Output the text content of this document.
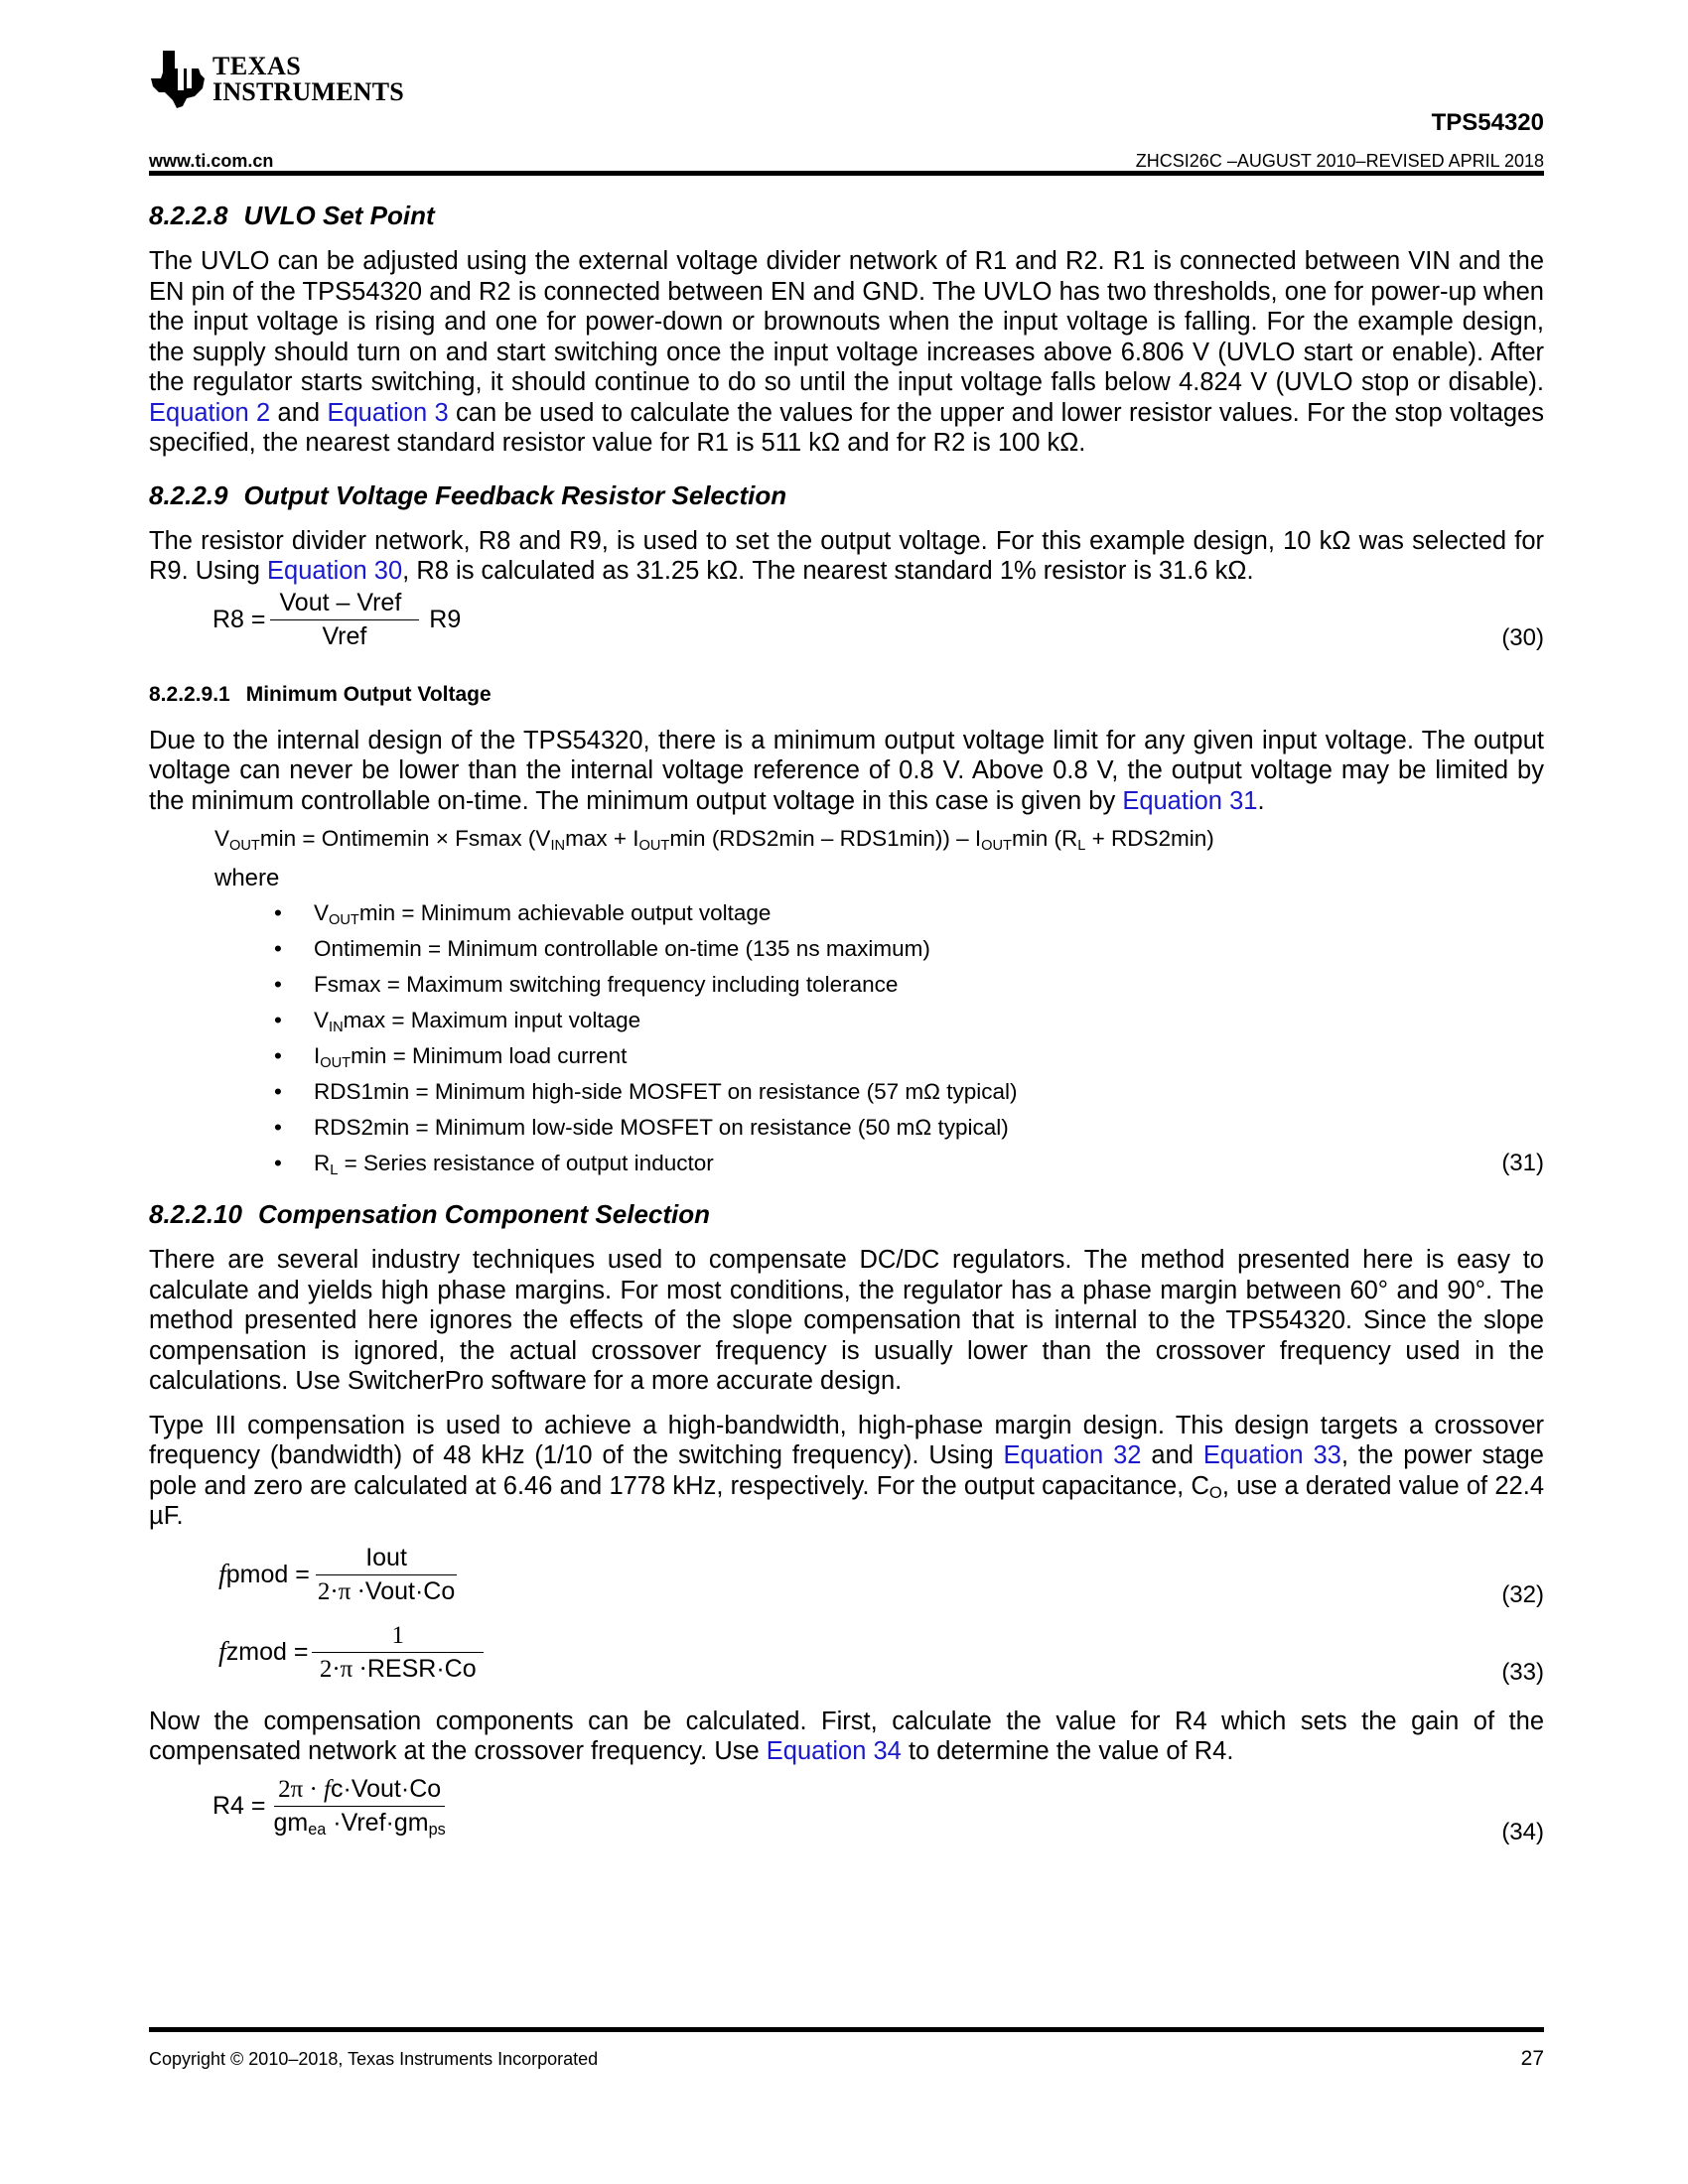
TEXAS
INSTRUMENTS
TPS54320
www.ti.com.cn	ZHCSI26C –AUGUST 2010–REVISED APRIL 2018
8.2.2.8 UVLO Set Point

The UVLO can be adjusted using the external voltage divider network of R1 and R2. R1 is connected between VIN and the EN pin of the TPS54320 and R2 is connected between EN and GND. The UVLO has two thresholds, one for power-up when the input voltage is rising and one for power-down or brownouts when the input voltage is falling. For the example design, the supply should turn on and start switching once the input voltage increases above 6.806 V (UVLO start or enable). After the regulator starts switching, it should continue to do so until the input voltage falls below 4.824 V (UVLO stop or disable). Equation 2 and Equation 3 can be used to calculate the values for the upper and lower resistor values. For the stop voltages specified, the nearest standard resistor value for R1 is 511 kΩ and for R2 is 100 kΩ.

8.2.2.9 Output Voltage Feedback Resistor Selection

The resistor divider network, R8 and R9, is used to set the output voltage. For this example design, 10 kΩ was selected for R9. Using Equation 30, R8 is calculated as 31.25 kΩ. The nearest standard 1% resistor is 31.6 kΩ.

$R8 = \frac{\text{Vout – Vref}}{\text{Vref}} R9$
(30)
8.2.2.9.1 Minimum Output Voltage

Due to the internal design of the TPS54320, there is a minimum output voltage limit for any given input voltage. The output voltage can never be lower than the internal voltage reference of 0.8 V. Above 0.8 V, the output voltage may be limited by the minimum controllable on-time. The minimum output voltage in this case is given by Equation 31.

$V_{OUT}\min$ = Ontimemin × Fsmax ($V_{IN}\max + I_{OUT}\min$ $(RDS2\min - RDS1\min)) - I_{OUT}\min$ $(R_L + RDS2\min)$
where
• $V_{OUT}\min$ = Minimum achievable output voltage
• Ontimemin = Minimum controllable on-time (135 ns maximum)
• Fsmax = Maximum switching frequency including tolerance
• $V_{IN}\max$ = Maximum input voltage
• $I_{OUT}\min$ = Minimum load current
• RDS1min = Minimum high-side MOSFET on resistance (57 mΩ typical)
• RDS2min = Minimum low-side MOSFET on resistance (50 mΩ typical)
• $R_L$ = Series resistance of output inductor	(31)
8.2.2.10 Compensation Component Selection

There are several industry techniques used to compensate DC/DC regulators. The method presented here is easy to calculate and yields high phase margins. For most conditions, the regulator has a phase margin between 60° and 90°. The method presented here ignores the effects of the slope compensation that is internal to the TPS54320. Since the slope compensation is ignored, the actual crossover frequency is usually lower than the crossover frequency used in the calculations. Use SwitcherPro software for a more accurate design.

Type III compensation is used to achieve a high-bandwidth, high-phase margin design. This design targets a crossover frequency (bandwidth) of 48 kHz (1/10 of the switching frequency). Using Equation 32 and Equation 33, the power stage pole and zero are calculated at 6.46 and 1778 kHz, respectively. For the output capacitance, $C_O$, use a derated value of 22.4 µF.

f pmod = $\frac{\text{Iout}}{\text{2·π ·Vout·Co}}$	(32)
f zmod = $\frac{1}{\text{2·π ·RESR·Co}}$	(33)

Now the compensation components can be calculated. First, calculate the value for R4 which sets the gain of the compensated network at the crossover frequency. Use Equation 34 to determine the value of R4.

$R4 = \frac{\text{2π · fc·Vout·Co}}{gm_{ea} \cdot Vref\cdot gm_{ps}}$	(34)
Copyright © 2010–2018, Texas Instruments Incorporated	27
